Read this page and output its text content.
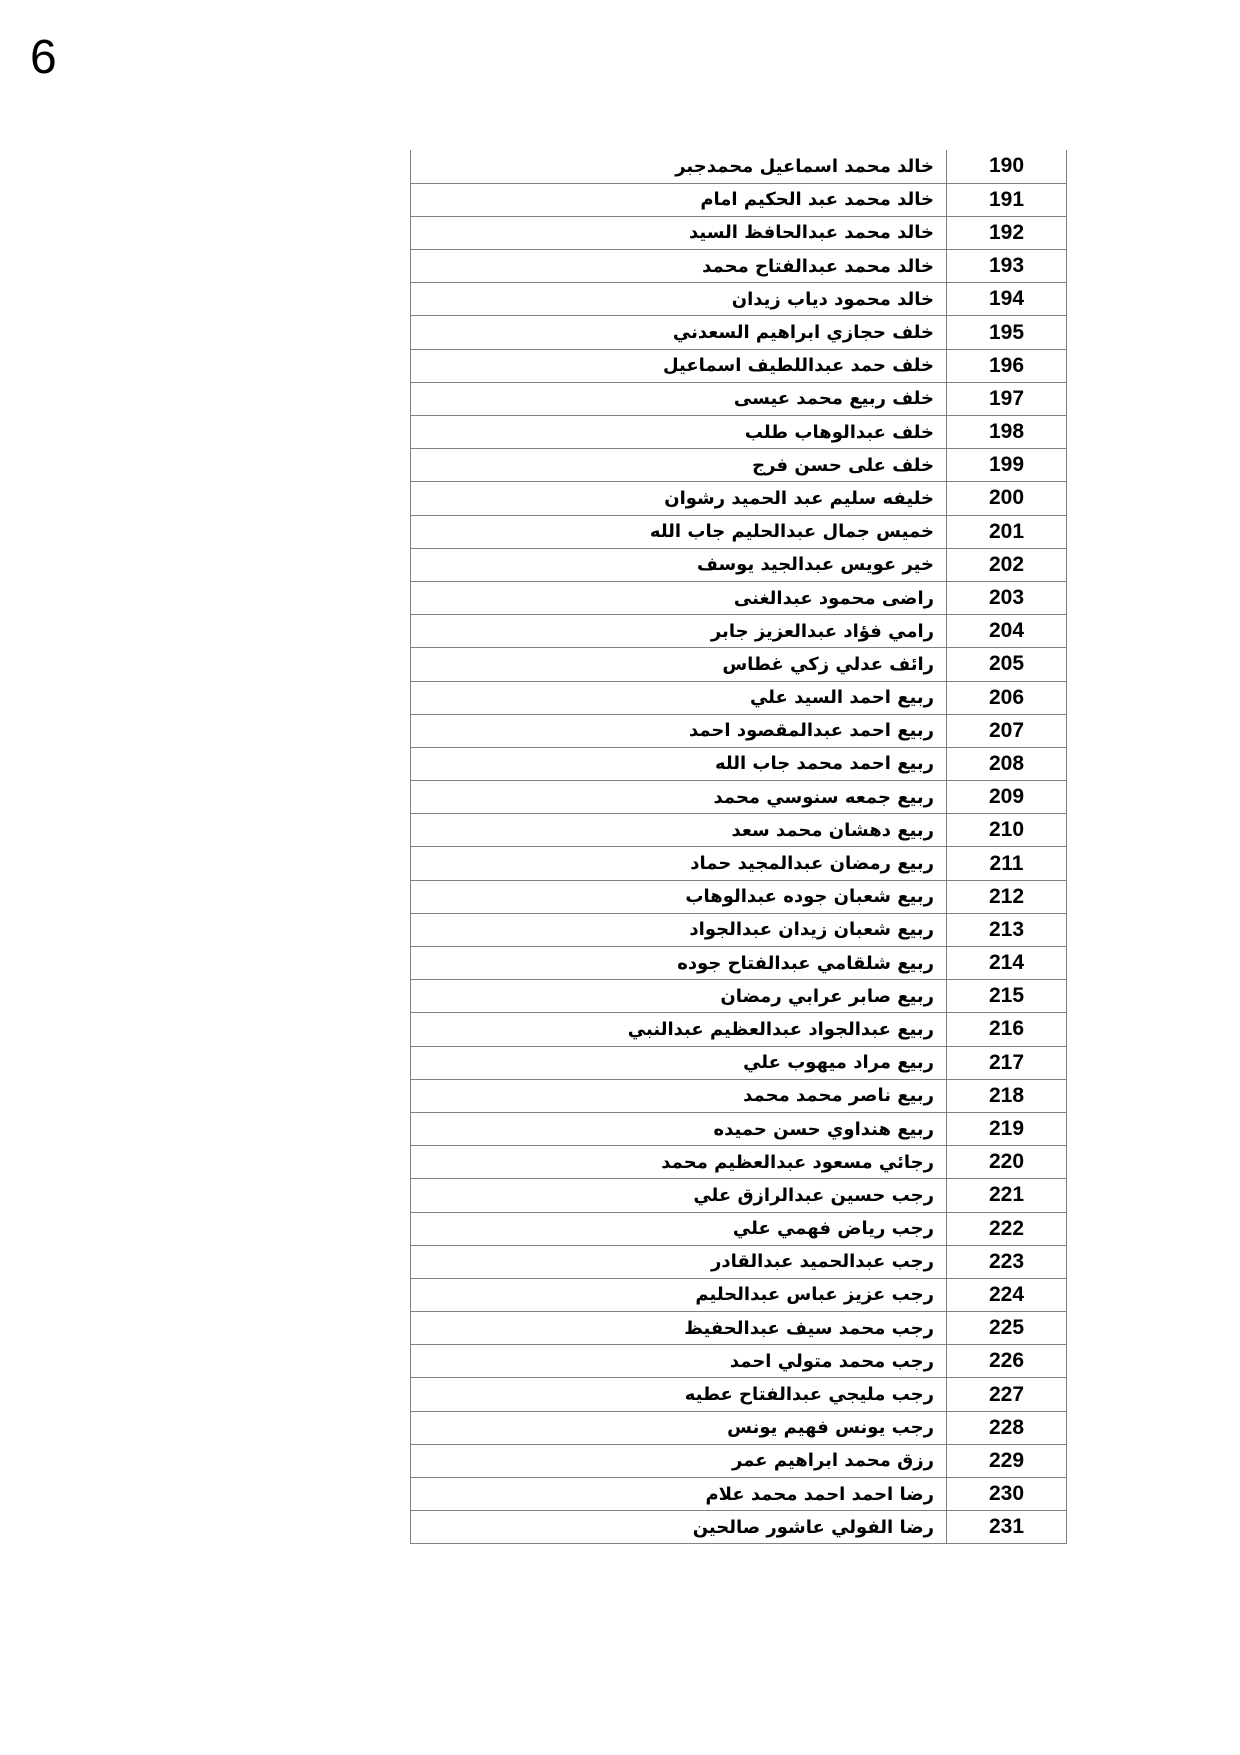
6
خالد محمد اسماعيل محمدجبر	190
خالد محمد عبد الحكيم امام	191
خالد محمد عبدالحافظ السيد	192
خالد محمد عبدالفتاح محمد	193
خالد محمود دياب زيدان	194
خلف حجازي ابراهيم السعدني	195
خلف حمد عبداللطيف اسماعيل	196
خلف ربيع محمد عيسى	197
خلف عبدالوهاب طلب	198
خلف على حسن فرج	199
خليفه سليم عبد الحميد رشوان	200
خميس جمال عبدالحليم جاب الله	201
خير عويس عبدالجيد يوسف	202
راضى محمود عبدالغنى	203
رامي فؤاد عبدالعزيز جابر	204
رائف عدلي زكي غطاس	205
ربيع احمد السيد علي	206
ربيع احمد عبدالمقصود احمد	207
ربيع احمد محمد جاب الله	208
ربيع جمعه سنوسي محمد	209
ربيع دهشان محمد سعد	210
ربيع رمضان عبدالمجيد حماد	211
ربيع شعبان جوده عبدالوهاب	212
ربيع شعبان زيدان عبدالجواد	213
ربيع شلقامي عبدالفتاح جوده	214
ربيع صابر عرابي رمضان	215
ربيع عبدالجواد عبدالعظيم عبدالنبي	216
ربيع مراد ميهوب علي	217
ربيع ناصر محمد محمد	218
ربيع هنداوي حسن حميده	219
رجائي مسعود عبدالعظيم محمد	220
رجب حسين عبدالرازق علي	221
رجب رياض فهمي علي	222
رجب عبدالحميد عبدالقادر	223
رجب عزيز عباس عبدالحليم	224
رجب محمد سيف عبدالحفيظ	225
رجب محمد متولي احمد	226
رجب مليجي عبدالفتاح عطيه	227
رجب يونس فهيم يونس	228
رزق محمد ابراهيم عمر	229
رضا احمد احمد محمد علام	230
رضا الفولي عاشور صالحين	231
